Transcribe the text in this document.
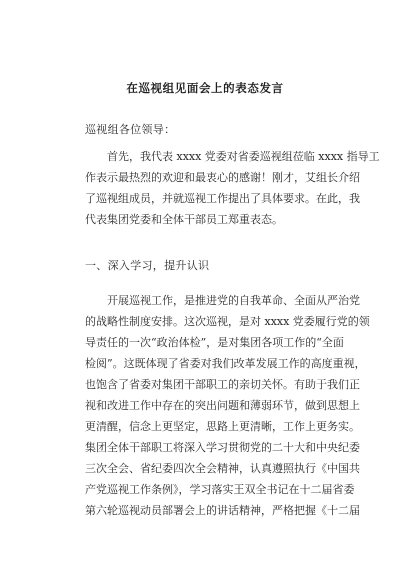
在巡视组见面会上的表态发言
巡视组各位领导：
首先，我代表 xxxx 党委对省委巡视组莅临 xxxx 指导工
作表示最热烈的欢迎和最衷心的感谢！刚才，艾组长介绍
了巡视组成员，并就巡视工作提出了具体要求。在此，我
代表集团党委和全体干部员工郑重表态。
一、深入学习，提升认识
开展巡视工作，是推进党的自我革命、全面从严治党
的战略性制度安排。这次巡视，是对 xxxx 党委履行党的领
导责任的一次“政治体检”，是对集团各项工作的“全面
检阅”。这既体现了省委对我们改革发展工作的高度重视，
也饱含了省委对集团干部职工的亲切关怀。有助于我们正
视和改进工作中存在的突出问题和薄弱环节，做到思想上
更清醒，信念上更坚定，思路上更清晰，工作上更务实。
集团全体干部职工将深入学习贯彻党的二十大和中央纪委
三次全会、省纪委四次全会精神，认真遵照执行《中国共
产党巡视工作条例》，学习落实王双全书记在十二届省委
第六轮巡视动员部署会上的讲话精神，严格把握《十二届
